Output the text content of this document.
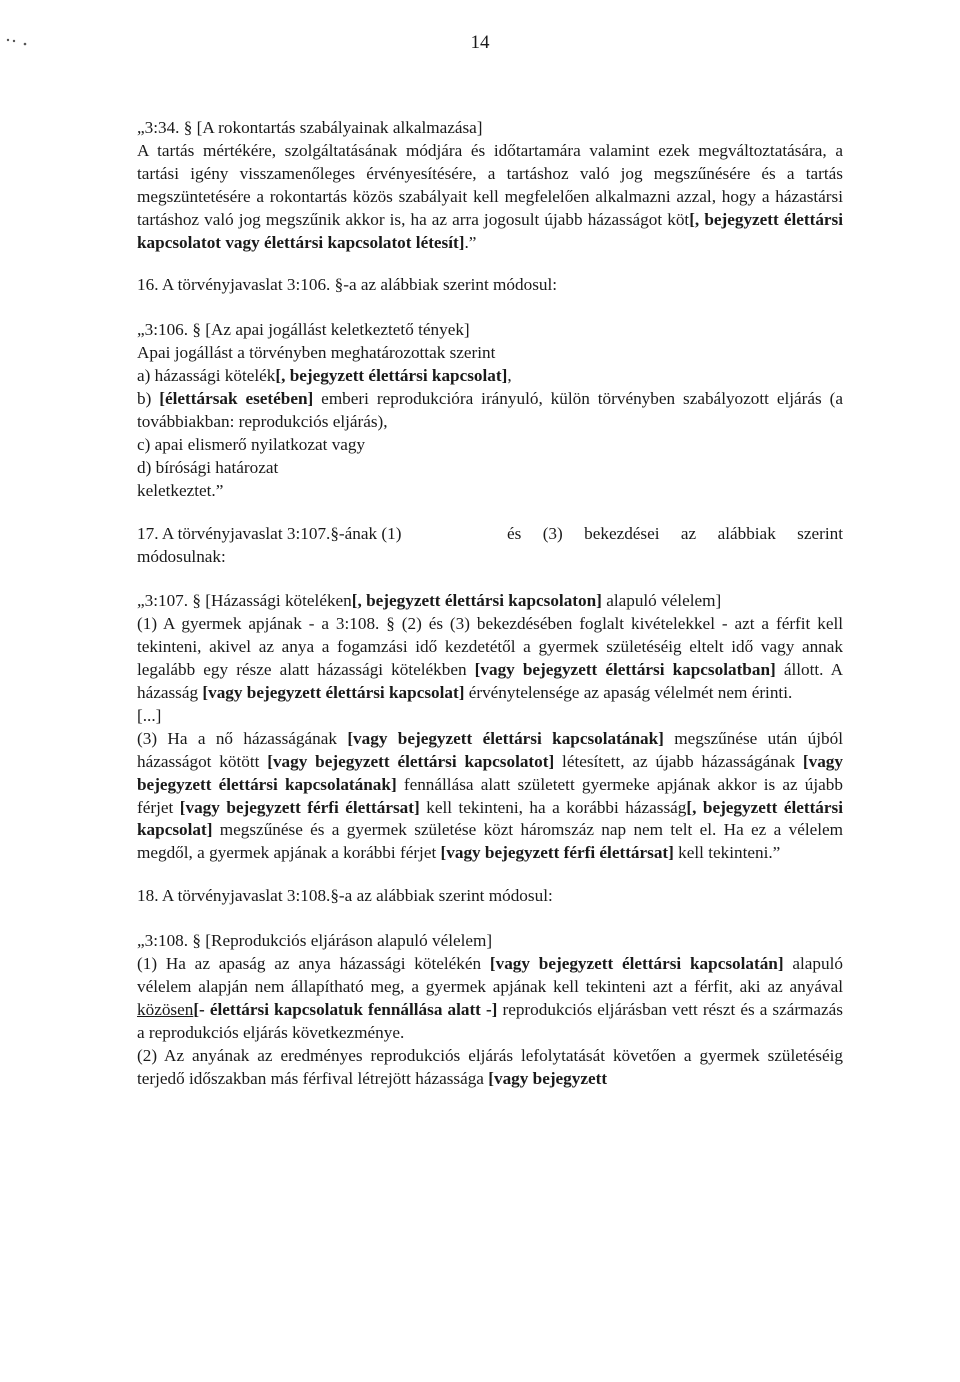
14

„3:34. § [A rokontartás szabályainak alkalmazása]

A tartás mértékére, szolgáltatásának módjára és időtartamára valamint ezek megváltoztatására, a tartási igény visszamenőleges érvényesítésére, a tartáshoz való jog megszűnésére és a tartás megszüntetésére a rokontartás közös szabályait kell megfelelően alkalmazni azzal, hogy a házastársi tartáshoz való jog megszűnik akkor is, ha az arra jogosult újabb házasságot köt[, bejegyzett élettársi kapcsolatot vagy élettársi kapcsolatot létesít].”

16. A törvényjavaslat 3:106. §-a az alábbiak szerint módosul:

„3:106. § [Az apai jogállást keletkeztető tények]

Apai jogállást a törvényben meghatározottak szerint

a) házassági kötelék[, bejegyzett élettársi kapcsolat],

b) [élettársak esetében] emberi reprodukcióra irányuló, külön törvényben szabályozott eljárás (a továbbiakban: reprodukciós eljárás),

c) apai elismerő nyilatkozat vagy

d) bírósági határozat

keletkeztet.”

17. A törvényjavaslat 3:107.§-ának (1)	és (3) bekezdései az alábbiak szerint

módosulnak:

„3:107. § [Házassági köteléken[, bejegyzett élettársi kapcsolaton] alapuló vélelem]

(1) A gyermek apjának - a 3:108. § (2) és (3) bekezdésében foglalt kivételekkel - azt a férfit kell tekinteni, akivel az anya a fogamzási idő kezdetétől a gyermek születéséig eltelt idő vagy annak legalább egy része alatt házassági kötelékben [vagy bejegyzett élettársi kapcsolatban] állott. A házasság [vagy bejegyzett élettársi kapcsolat] érvénytelensége az apaság vélelmét nem érinti.

[...]

(3) Ha a nő házasságának [vagy bejegyzett élettársi kapcsolatának] megszűnése után újból házasságot kötött [vagy bejegyzett élettársi kapcsolatot] létesített, az újabb házasságának [vagy bejegyzett élettársi kapcsolatának] fennállása alatt született gyermeke apjának akkor is az újabb férjet [vagy bejegyzett férfi élettársat] kell tekinteni, ha a korábbi házasság[, bejegyzett élettársi kapcsolat] megszűnése és a gyermek születése közt háromszáz nap nem telt el. Ha ez a vélelem megdől, a gyermek apjának a korábbi férjet [vagy bejegyzett férfi élettársat] kell tekinteni.”

18. A törvényjavaslat 3:108.§-a az alábbiak szerint módosul:

„3:108. § [Reprodukciós eljáráson alapuló vélelem]

(1) Ha az apaság az anya házassági kötelékén [vagy bejegyzett élettársi kapcsolatán] alapuló vélelem alapján nem állapítható meg, a gyermek apjának kell tekinteni azt a férfit, aki az anyával közösen[- élettársi kapcsolatuk fennállása alatt -] reprodukciós eljárásban vett részt és a származás a reprodukciós eljárás következménye.

(2) Az anyának az eredményes reprodukciós eljárás lefolytatását követően a gyermek születéséig terjedő időszakban más férfival létrejött házassága [vagy bejegyzett
